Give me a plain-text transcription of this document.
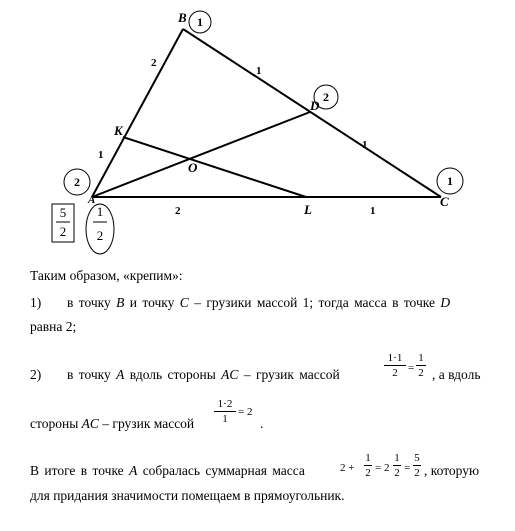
1
2
2	1
B
D
K
O
A
L
C
2
1
1
1
2	1
5
2
1
2
Таким образом, «крепим»:
1) в точку B и точку C – грузики массой 1; тогда масса в точке D
равна 2;
2) в точку A вдоль стороны AC – грузик массой
1·1
2 =
1
2 , а вдоль
стороны AC – грузик массой
1·2
1
= 2
.
В итоге в точке A собралась суммарная масса	2 +
1
2 = 2
1
2 =
5
2 , которую
для придания значимости помещаем в прямоугольник.
